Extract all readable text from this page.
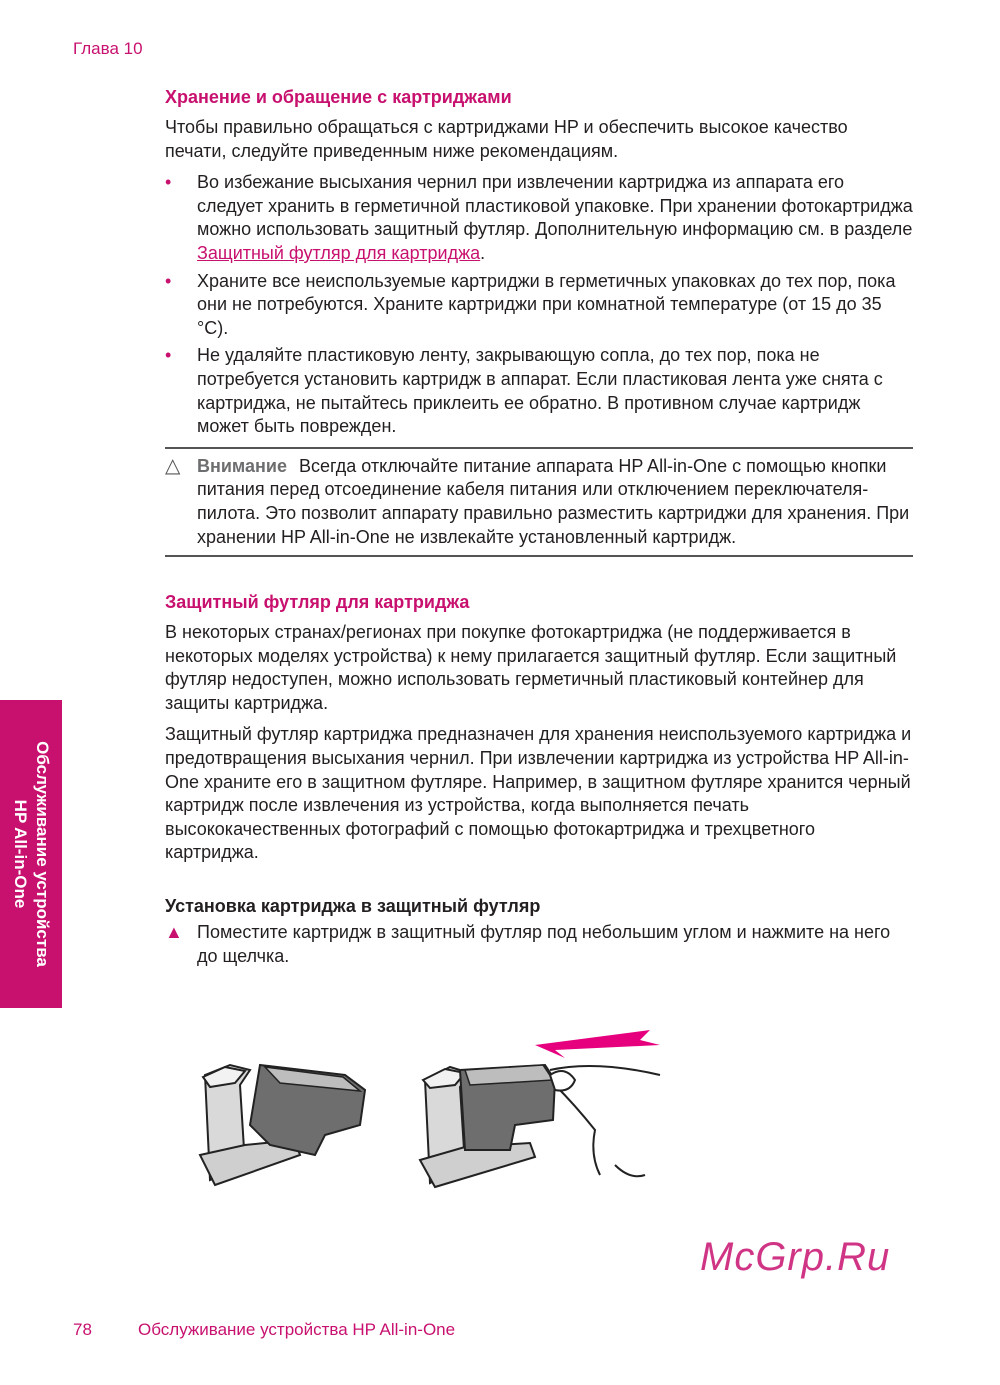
Глава 10
Хранение и обращение с картриджами

Чтобы правильно обращаться с картриджами HP и обеспечить высокое качество печати, следуйте приведенным ниже рекомендациям.

• Во избежание высыхания чернил при извлечении картриджа из аппарата его следует хранить в герметичной пластиковой упаковке. При хранении фотокартриджа можно использовать защитный футляр. Дополнительную информацию см. в разделе Защитный футляр для картриджа.
• Храните все неиспользуемые картриджи в герметичных упаковках до тех пор, пока они не потребуются. Храните картриджи при комнатной температуре (от 15 до 35 °C).
• Не удаляйте пластиковую ленту, закрывающую сопла, до тех пор, пока не потребуется установить картридж в аппарат. Если пластиковая лента уже снята с картриджа, не пытайтесь приклеить ее обратно. В противном случае картридж может быть поврежден.
△ Внимание Всегда отключайте питание аппарата HP All-in-One с помощью кнопки питания перед отсоединение кабеля питания или отключением переключателя-пилота. Это позволит аппарату правильно разместить картриджи для хранения. При хранении HP All-in-One не извлекайте установленный картридж.
Защитный футляр для картриджа

В некоторых странах/регионах при покупке фотокартриджа (не поддерживается в некоторых моделях устройства) к нему прилагается защитный футляр. Если защитный футляр недоступен, можно использовать герметичный пластиковый контейнер для защиты картриджа.

Защитный футляр картриджа предназначен для хранения неиспользуемого картриджа и предотвращения высыхания чернил. При извлечении картриджа из устройства HP All-in-One храните его в защитном футляре. Например, в защитном футляре хранится черный картридж после извлечения из устройства, когда выполняется печать высококачественных фотографий с помощью фотокартриджа и трехцветного картриджа.

Установка картриджа в защитный футляр
▲ Поместите картридж в защитный футляр под небольшим углом и нажмите на него до щелчка.
McGrp.Ru
Обслуживание устройства
HP All-in-One
78	Обслуживание устройства HP All-in-One
